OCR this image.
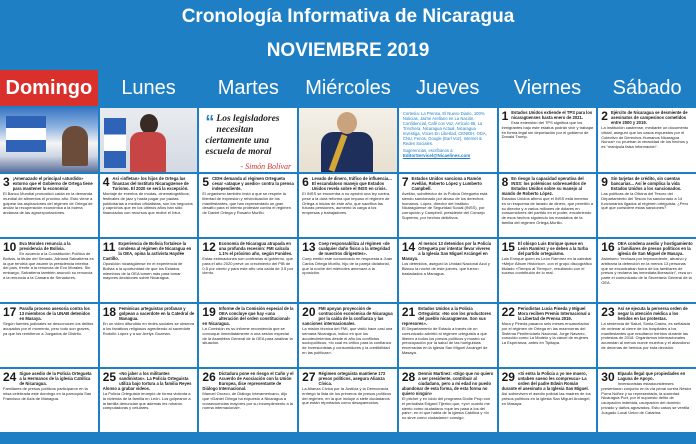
Cronología Informativa de Nicaragua
NOVIEMBRE 2019
Domingo	Lunes	Martes	Miércoles	Jueves	Viernes	Sábado
“ Los legisladores necesitan ciertamente una escuela de moral
- Simón Bolívar
Cortesía: La Prensa, El Nuevo Diario, 100% Noticias, Jaime Arellano en La Nación, Confidencial, Café con Voz, Artículo 66, La Trinchera, Nicaragua Actual, Nicaragua Investiga, Voces En Libertad, CENIDH, ODA, CNU, Fenos, Google (Earl Voz), Internet & Redes Sociales.
Sugerencias, escríbanos a:
EditorServicel@Nicaelines.com
1 Estados Unidos extiende el TPS para los nicaragüenses hasta enero de 2021.
Esta extensión del TPS significa que los inmigrantes bajo este estatus podrán vivir y trabajar en forma legal sin deportación por el gobierno de Donald Trump.
2 Ejército de Nicaragua se desmiente de asesinatos de campesinos cometidos entre 2000 y 2019.
La institución castrense, mediante un documento oficial, aseguró que los casos expuestos por el Colectivo de Derechos Humanos Nicaragua Nunca+ no prueban la veracidad de los hechos y es “manipula falsa información”.
3 ¡Amenazado el principal «aturdido» extorno que el Gobierno de Ortega tiene para mantener la economía!
El Banco Mundial pronosticó caída en la demanda mundial de alimentos el próximo año. Esto viene a golpear las aspiraciones del régimen de Ortega de anclar la recuperación económica a la buena andanza de las agroexportaciones.
4 Así «infletan» los hijos de Ortega las finanzas del Instituto Nicaragüense de Turismo. El 2020 se será la excepción.
Montaje de eventos de modas, cinematográficos, festivales de jazz y hasta pagar por pautas publicitarias a medios oficialistas, son los negocios y caprichos que en los últimos años han sido financiados con recursos que recibe el Intur.
5 CIDH demanda al régimen Ortegueta cesar «ataque y asedio» contra la prensa independiente.
El organismo también instó a que se respete la libertad de expresión y reivindicación de los manifestantes, que han representado un gran desafío para el intento protestar contra el régimen de Daniel Ortega y Rosario Murillo.
6 Levado de dinero, tráfico de influencia... El escandaloso manejo que Estados Unidos revela sobre el INSS en crisis.
El INSS se encuentra a no aprobó una ley contra, pese a la dura reforma que impuso el régimen de Ortega a inicios de este año, que sacrifica las futuras pensiones, aumentó la carga a los empresas y trabajadores.
7 Estados Unidos sanciona a Ramón Avellán, Roberto López y Lumberto Campbell.
Avellán, subdirector de la Policía Ortegueta está siendo sancionado por abuso de los derechos humanos. López, director del Instituto Nicaragüense de Seguridad Social (INSS), por corrupción y Campbell, presidente del Consejo Supremo, por hechos delictivos.
8 En riesgo la capacidad operativa del INSS: los polémicos sobresueldos de Estados Unidos sobre su manejo al mando de Roberto López.
Estados Unidos afirmó que el INSS está inmerso en un esquema de lavado de dinero, que permitió a su director y a varios millones de dólares en consumidores del partido en el poder, encubriendo de esos hechos siguiendo los mandatos de la familia del régimen Ortega-Murillo.
9 Sin tarjetas de crédito, sin cuentas bancarias... Así le complica la vida Estados Unidos a los sancionados.
Las políticas de la Oficina del Tesoro del Departamento del Tesoro ha sancionado a 14 funcionarios ligados al régimen orteguista, ¿Pero qué que considere estas sanciones?
10 Eva Morales renuncia a la presidencia de Bolivia.
En acuerdo a la Constitución Política de Bolivia, la titular del Senado, Adriana Salvatierra es la que tendría que asumir la presidencia interina del país, frente a la renuncia de Evo Morales. Sin embargo, Salvatierra también anunció su renuncia a la renuncia a la Cámara de Senadores.
11 Experiencia de Bolivia fortalece la condena al régimen de Nicaragua en la OEA, opina la activista Haydée Castillo.
Oposición nicaragüense en el experiencia de Bolivia a la oportunidad de que los Estados miembros de la OEA tomen más para tomar mayores decisiones sobre Nicaragua.
12 Economía de Nicaragua atrapada en una profunda recesión: FMI calcula 1.1% el próximo año, según Funides.
Estas estimaciones son contrarias al gobierno, que para el año 2020 prevé un crecimiento del PIB de 0.5 por ciento y para este año una caída de 3.5 por ciento.
13 Coep responsabiliza al régimen «de cualquier daño físico a la integridad de nuestros dirigentes».
Coep emitió este comunicado en respuesta a Juan Carlos Ortega Murillo, hijo de la pareja dictatorial, que la noche del miércoles amenazó a la oposición.
14 Al menos 13 detenidos por la Policía Ortegueta por intentar llevar víveres a la Iglesia San Miguel Arcángel en Masaya.
Los detenidos, aseguró la Unidad Nacional Azul y Blanco la noche de este jueves, que fueron trasladados a Managua.
15 El obispo Luis Enrique queue en León Ramírez y se deben a la turba del partido orteguismo.
Luis Enrique quien es León Ramírez en la catedral «Mejor Álbum Histórico», con el grupo discográfico titulado «Tiempo al Tiempo», resultando con el suceso contribuido de lo real.
16 OEA condena asedio y hostigamiento a familiares de presos políticos en la iglesia de San Miguel de Masaya.
Asimismo “rechaza por improcedente, abusivo y arbitraria la detención en la menos 13 personas que se encontraban fuera de los familiares de presos y reclama las inmediata liberación”, reza un parte el comunicado de la Secretaría General de la OEA.
17 Paralla proceso asesoria contra los 13 miembros de la UNAB detenidos en Masaya.
Según fuentes judiciales se desconocen los delitos acusados por el momento, pero todo son graves, ya que los remitieron a Juzgados de Distrito.
18 Feminicas arteguistas profanan y golpean a sacerdote en la Catedral de Managua.
En un video difundido en redes sociales se observa a los fanáticos religiosos agrediendo al sacerdote Rodolfo López y a sor Arelys Guzmán.
19 Informe de la Comisión especial de la OEA concluye que hay «una alteración del orden constitucional» en Nicaragua.
La Comisión es su informe recomienda que se convoque inmediatamente a una sesión especial de la Asamblea General de la OEA para analizar la situación.
20 FMI apoyan proyección de contracción económica de Nicaragua por la caída de la confianza y las sanciones internacionales.
La misión técnica del FMI, que visitó hace casi una semana Nicaragua, indicó en que los acontecimientos desde el año los conflictos sociopolíticos, «lo cual es crítico para la confianza de inversionistas y consumidores y la credibilidad en las políticas».
21 Estados Unidos a la Policía Orteguista: «No son los productores del pueblo nicaragüense. Son sus represores».
El Departamento de Estado a través de un comunicado advirtió al régimen orteguista a que liberen a todos los presos políticos y mostró su preocupación por la salud de las huelguistas encerradas en la iglesia San Miguel Arcángel de Masaya.
22 Periodistas Lucia Pineda y Miguel Mora reciben Premio Internacional a la Libertad de Prensa 2019.
Mora y Pineda pasaron seis meses encarcelados por el régimen de Ortega en las mazmorras del Sistema Penitenciario Nacional, Jorge Navarro, conocido como La Modelo y la cárcel de mujeres La Esperanza, antes en Tipitapa.
23 Así se ejecuta la perversa orden de negar la atención médica a los heridos en las protestas.
La sentencia de Salud, Sonia Castro, es señalada de ordenar al cierre de los hospitales a los manifestantes que resultaron heridos durante las protestas de 2018. Organismos internacionales acumulan al menos nueve muertos y el abandono de decenas de heridos por esta decisión.
24 Sigue asedio de la Policía Ortegueta a la Hermanos de la iglesia Católica de Nicaragua.
Familiares de presos políticos participaron en la misa celebrada este domingo en la parroquia San Francisco de Asís de Managua.
25 «No jaber a los militantes sandinistas». La Policía Orteguista utiliza bajo tortura a la familia Reyes Alonso a grabar videos.
La Policía Orteguista irrumpió de forma violenta a la vivienda de la familia en León. Los golpearon a la familia denuncian que además les robaron computadoras y celulares.
26 Dictadura pone en riesgo el Caño y el Acuerdo de Asociación con la Unión Europea, dice representante de Diálogo Internacional.
Manuel Orozco, de Diálogo Interamericano, dijo que «Daniel Ortega ha expuesto a Nicaragua a consecuencias mayores por su incumplimiento a la norma internacional».
27 Régimen orteguista mantiene 172 presos políticos, asegura Alianza Cívica.
La Alianza Cívica por la Justicia y la Democracia entregó la lista de los primeros de presos políticos del régimen, en la que incluye a siete ciudadanos que están reportados como desaparecidos.
28 Dennis Martínez: «Digo que no quiero a ser presidente, contribuir al ciudadano, pero a mi edad no puedo abandonar de esta forma, de esta forma no quiero ningún»
El pitcher y ex ídolo del programa Dodie Prop con el periodista Edgard Tijerino que, «yo» cuanto me siento como ciudadano «que les pasa a los del país», en el que habla de la Iglesia Católica y «lo no sirve como ciudadano» consigo.
29 «Si entra la Policía a yo me muero, untaben sueno les compreuca» La orden del padre Edwin Román durante el asesinato a la Iglesia San Miguel.
Así sobreviven el asedio policial las madres de los presos políticos en la iglesia San Miguel Arcángel, en Masaya.
30 Elpaula llegal que propiedades en Laguna de Apoyo.
Inversionistas estadounidenses presentaron conjunto en la vía penal contra Néstor Porra Núñez y su representada, la sociedad Nicaragua Port, por el supuesto delito de usurpación indebida, usurpación del dominio privado y daños agravados. Esto casos se ventila Juzgado Local Único de Catarina.
